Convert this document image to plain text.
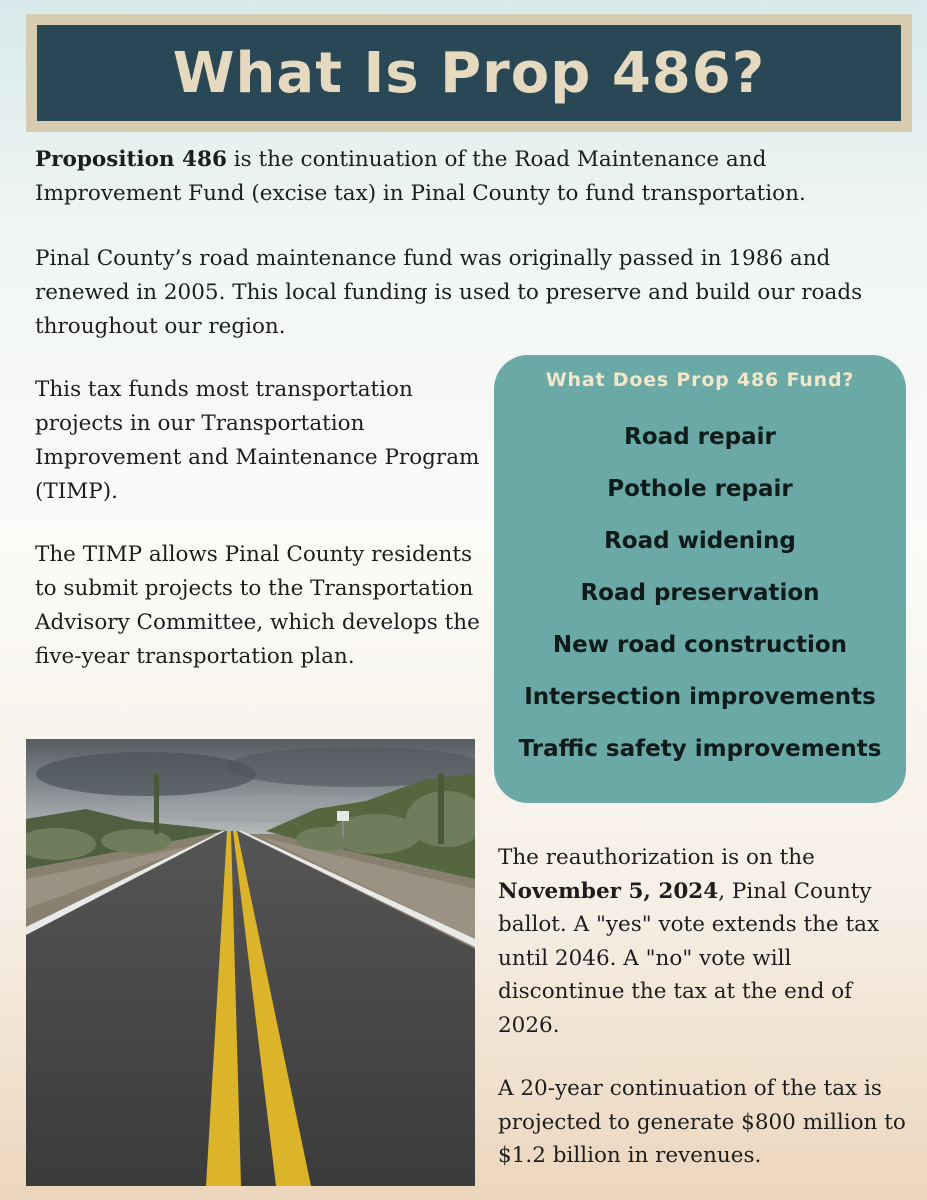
What Is Prop 486?

Proposition 486 is the continuation of the Road Maintenance and Improvement Fund (excise tax) in Pinal County to fund transportation.

Pinal County’s road maintenance fund was originally passed in 1986 and renewed in 2005. This local funding is used to preserve and build our roads throughout our region.

This tax funds most transportation projects in our Transportation Improvement and Maintenance Program (TIMP).

The TIMP allows Pinal County residents to submit projects to the Transportation Advisory Committee, which develops the five-year transportation plan.

What Does Prop 486 Fund?
Road repair
Pothole repair
Road widening
Road preservation
New road construction
Intersection improvements
Traffic safety improvements

The reauthorization is on the November 5, 2024, Pinal County ballot. A "yes" vote extends the tax until 2046. A "no" vote will discontinue the tax at the end of 2026.

A 20-year continuation of the tax is projected to generate $800 million to $1.2 billion in revenues.
